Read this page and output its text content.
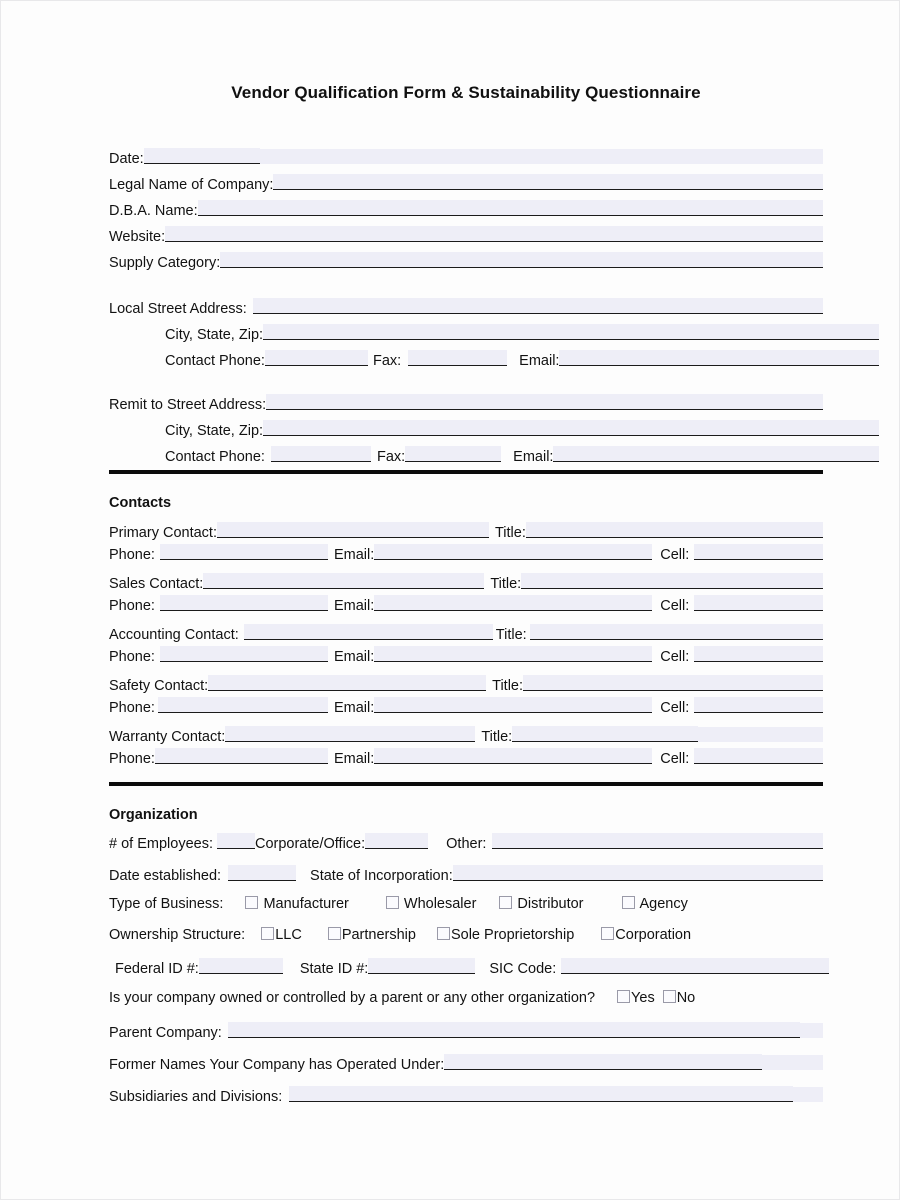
Vendor Qualification Form & Sustainability Questionnaire
Date:
Legal Name of Company:
D.B.A. Name:
Website:
Supply Category:
Local Street Address:
City, State, Zip:
Contact Phone:	Fax:	Email:
Remit to Street Address:
City, State, Zip:
Contact Phone:	Fax:	Email:
Contacts
Primary Contact:	Title:
Phone:	Email:	Cell:
Sales Contact:	Title:
Phone:	Email:	Cell:
Accounting Contact:	Title:
Phone:	Email:	Cell:
Safety Contact:	Title:
Phone:	Email:	Cell:
Warranty Contact:	Title:
Phone:	Email:	Cell:
Organization
# of Employees:	Corporate/Office:	Other:
Date established:	State of Incorporation:
Type of Business:	Manufacturer	Wholesaler	Distributor	Agency
Ownership Structure: LLC	Partnership Sole Proprietorship	Corporation
Federal ID #:	State ID #:	SIC Code:
Is your company owned or controlled by a parent or any other organization? Yes No
Parent Company:
Former Names Your Company has Operated Under:
Subsidiaries and Divisions:
